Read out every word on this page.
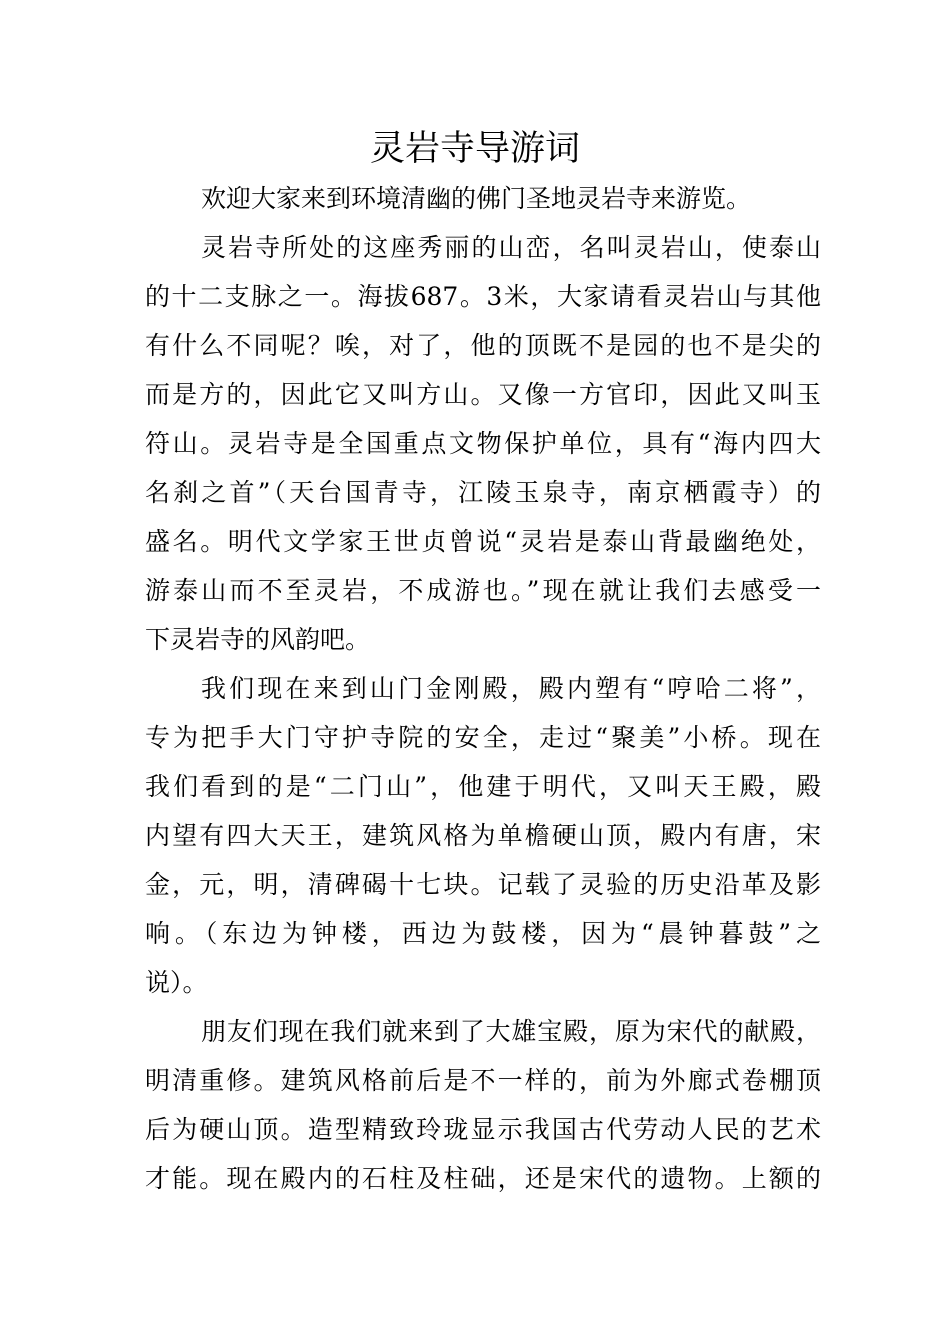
灵岩寺导游词
欢迎大家来到环境清幽的佛门圣地灵岩寺来游览。
灵岩寺所处的这座秀丽的山峦，名叫灵岩山，使泰山
的十二支脉之一。海拔687。3米，大家请看灵岩山与其他
有什么不同呢？唉，对了，他的顶既不是园的也不是尖的
而是方的，因此它又叫方山。又像一方官印，因此又叫玉
符山。灵岩寺是全国重点文物保护单位，具有“海内四大
名刹之首”（天台国青寺，江陵玉泉寺，南京栖霞寺）的
盛名。明代文学家王世贞曾说“灵岩是泰山背最幽绝处，
游泰山而不至灵岩，不成游也。”现在就让我们去感受一
下灵岩寺的风韵吧。
我们现在来到山门金刚殿，殿内塑有“哼哈二将”，
专为把手大门守护寺院的安全，走过“聚美”小桥。现在
我们看到的是“二门山”，他建于明代，又叫天王殿，殿
内望有四大天王，建筑风格为单檐硬山顶，殿内有唐，宋
金，元，明，清碑碣十七块。记载了灵验的历史沿革及影
响。（东边为钟楼，西边为鼓楼，因为“晨钟暮鼓”之
说）。
朋友们现在我们就来到了大雄宝殿，原为宋代的献殿，
明清重修。建筑风格前后是不一样的，前为外廊式卷棚顶
后为硬山顶。造型精致玲珑显示我国古代劳动人民的艺术
才能。现在殿内的石柱及柱础，还是宋代的遗物。上额的
